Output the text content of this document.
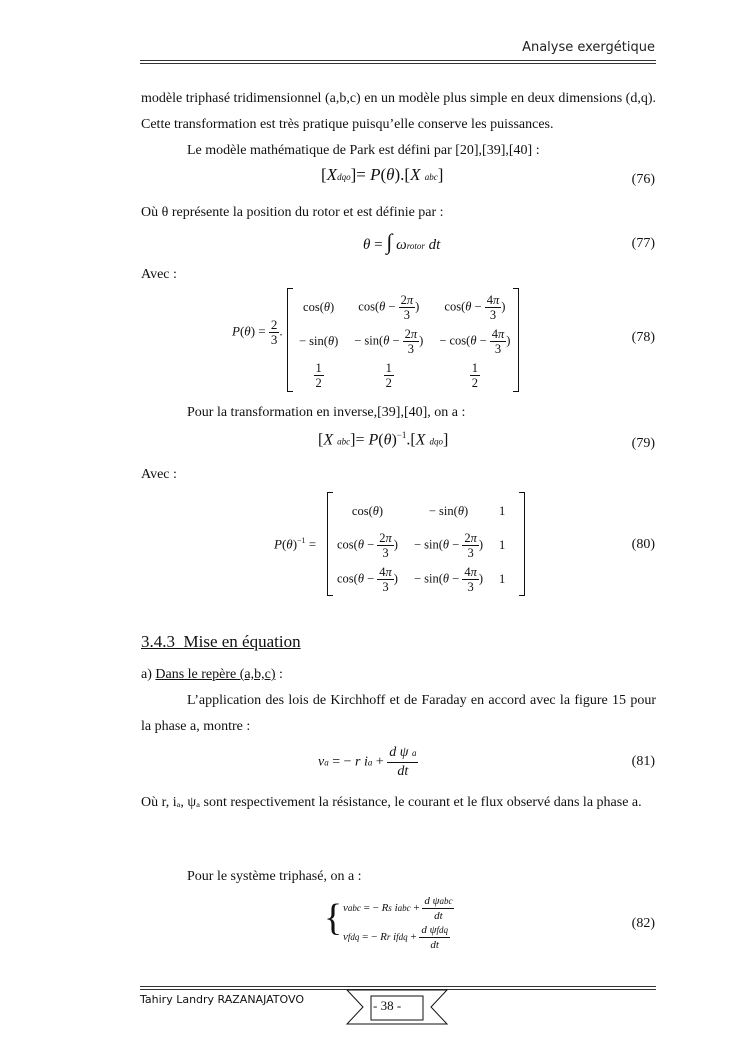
Analyse exergétique
modèle triphasé tridimensionnel (a,b,c) en un modèle plus simple en deux dimensions (d,q). Cette transformation est très pratique puisqu’elle conserve les puissances.
Le modèle mathématique de Park est défini par [20],[39],[40] :
[Xdqo]= P(θ).[X abc]	(76)
Où θ représente la position du rotor et est définie par :
θ = ∫ ωrotor dt	(77)
Avec :
$P(\theta) = \frac{2}{3}$ .
cos(θ)	$\cos(\theta - \frac{2\pi}{3}$ )	$\cos(\theta - \frac{4\pi}{3}$ )
− sin(θ)	− $\sin(\theta - \frac{2\pi}{3}$ )	− $\cos(\theta - \frac{4\pi}{3}$ )

$\frac{1}{2}$	$\frac{1}{2}$	$\frac{1}{2}$
(78)
Pour la transformation en inverse,[39],[40], on a :
[X $abc]= P(\theta)^{-1}.[X$ dqo]	(79)
Avec :
$P(\theta)^{-1}$ =
cos(θ)	− sin(θ)	1
$\cos(\theta - \frac{2\pi}{3}$ )	− $\sin(\theta - \frac{2\pi}{3}$ )	1
$\cos(\theta - \frac{4\pi}{3}$ )	− $\sin(\theta - \frac{4\pi}{3}$ )	1
(80)
3.4.3 Mise en équation
a) Dans le repère (a,b,c) :
L’application des lois de Kirchhoff et de Faraday en accord avec la figure 15 pour la phase a, montre :
va = − r ia + $\frac{\text{d ψ a}}{dt}$	(81)
Où r, iₐ, ψₐ sont respectivement la résistance, le courant et le flux observé dans la phase a.
Pour le système triphasé, on a :
{ vabc = − Rs iabc + $\frac{\text{d ψabc}}{dt}$
vfdq = − Rr ifdq + $\frac{\text{d ψfdq}}{dt}$	(82)
Tahiry Landry RAZANAJATOVO	- 38 -
